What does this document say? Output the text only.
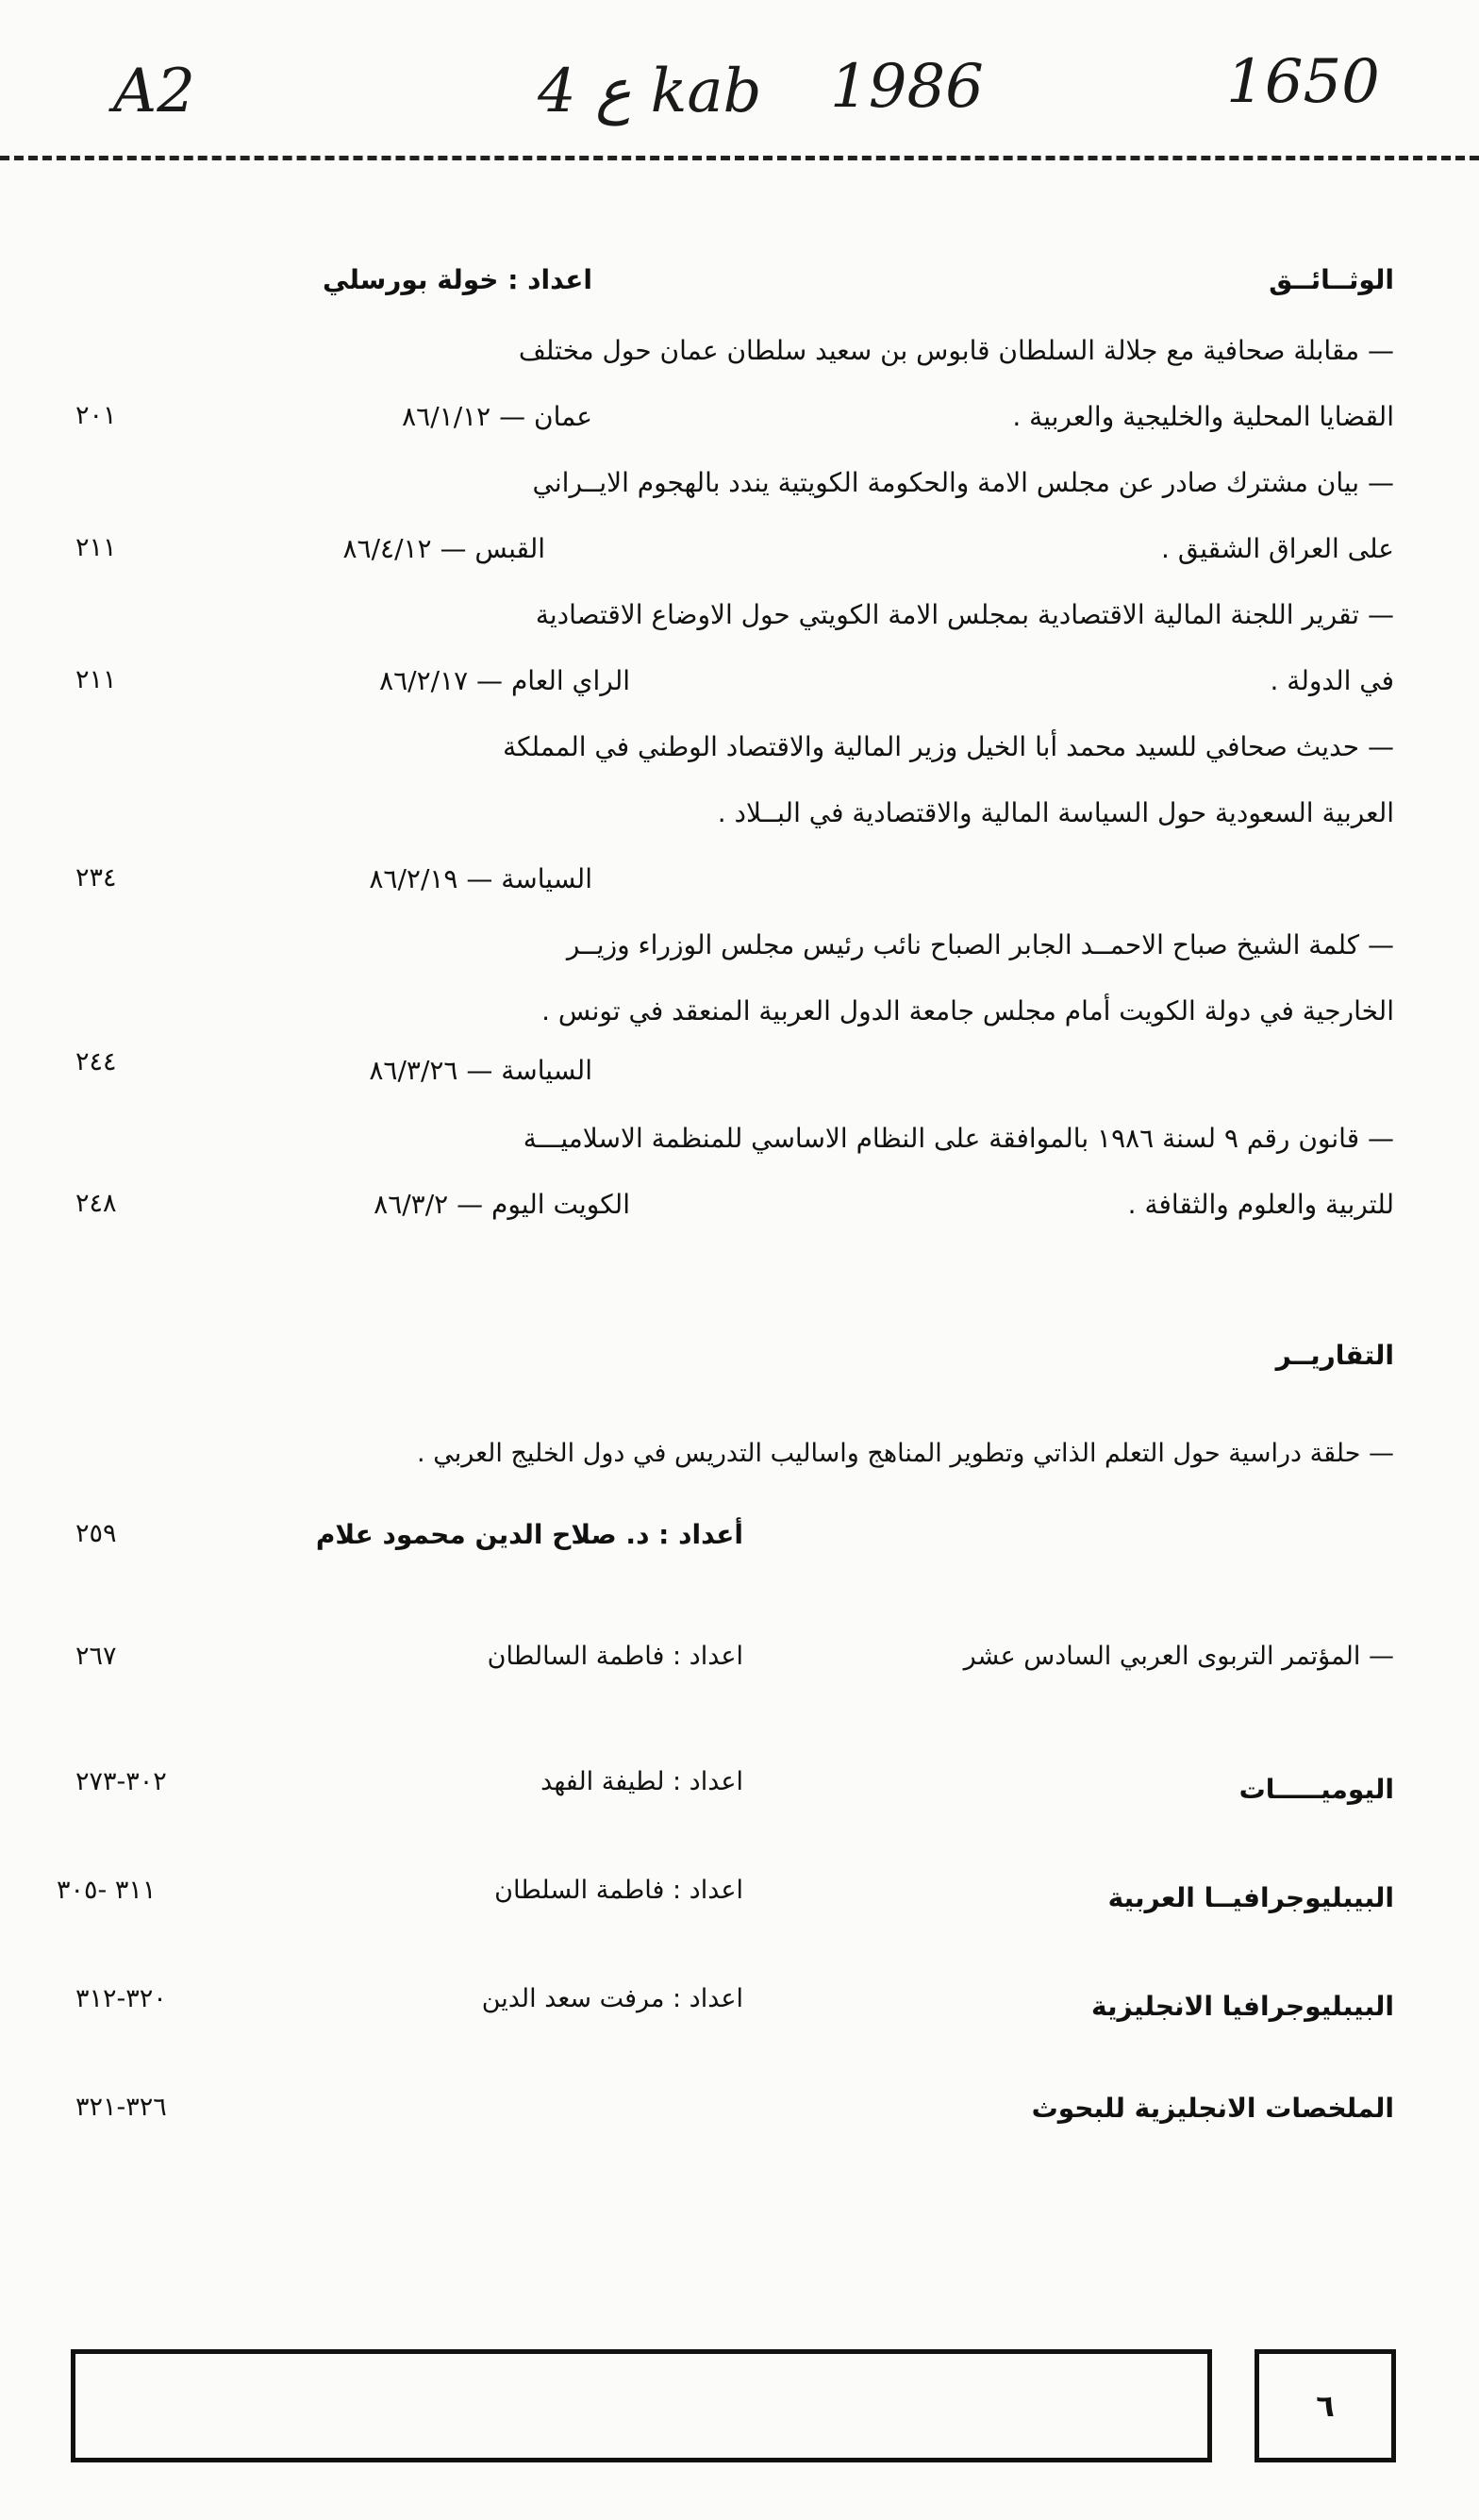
A2	4 ع kab 1986	1650
الوثــائــق
اعداد : خولة بورسلي
— مقابلة صحافية مع جلالة السلطان قابوس بن سعيد سلطان عمان حول مختلف
القضايا المحلية والخليجية والعربية .
عمان — ٨٦/١/١٢
٢٠١
— بيان مشترك صادر عن مجلس الامة والحكومة الكويتية يندد بالهجوم الايــراني
على العراق الشقيق .
القبس — ٨٦/٤/١٢
٢١١
— تقرير اللجنة المالية الاقتصادية بمجلس الامة الكويتي حول الاوضاع الاقتصادية
في الدولة .
الراي العام — ٨٦/٢/١٧
٢١١
— حديث صحافي للسيد محمد أبا الخيل وزير المالية والاقتصاد الوطني في المملكة
العربية السعودية حول السياسة المالية والاقتصادية في البــلاد .
السياسة — ٨٦/٢/١٩
٢٣٤
— كلمة الشيخ صباح الاحمــد الجابر الصباح نائب رئيس مجلس الوزراء وزيــر
الخارجية في دولة الكويت أمام مجلس جامعة الدول العربية المنعقد في تونس .
السياسة — ٨٦/٣/٢٦
٢٤٤
— قانون رقم ٩ لسنة ١٩٨٦ بالموافقة على النظام الاساسي للمنظمة الاسلاميـــة
للتربية والعلوم والثقافة .
الكويت اليوم — ٨٦/٣/٢
٢٤٨
التقاريــر
— حلقة دراسية حول التعلم الذاتي وتطوير المناهج واساليب التدريس في دول الخليج العربي .
أعداد : د. صلاح الدين محمود علام
٢٥٩
— المؤتمر التربوى العربي السادس عشر
اعداد : فاطمة السالطان
٢٦٧
اليوميـــــات
اعداد : لطيفة الفهد
٣٠٢-٢٧٣
البيبليوجرافيــا العربية
اعداد : فاطمة السلطان
٣١١ -٣٠٥
البيبليوجرافيا الانجليزية
اعداد : مرفت سعد الدين
٣٢٠-٣١٢
الملخصات الانجليزية للبحوث
٣٢٦-٣٢١
٦
